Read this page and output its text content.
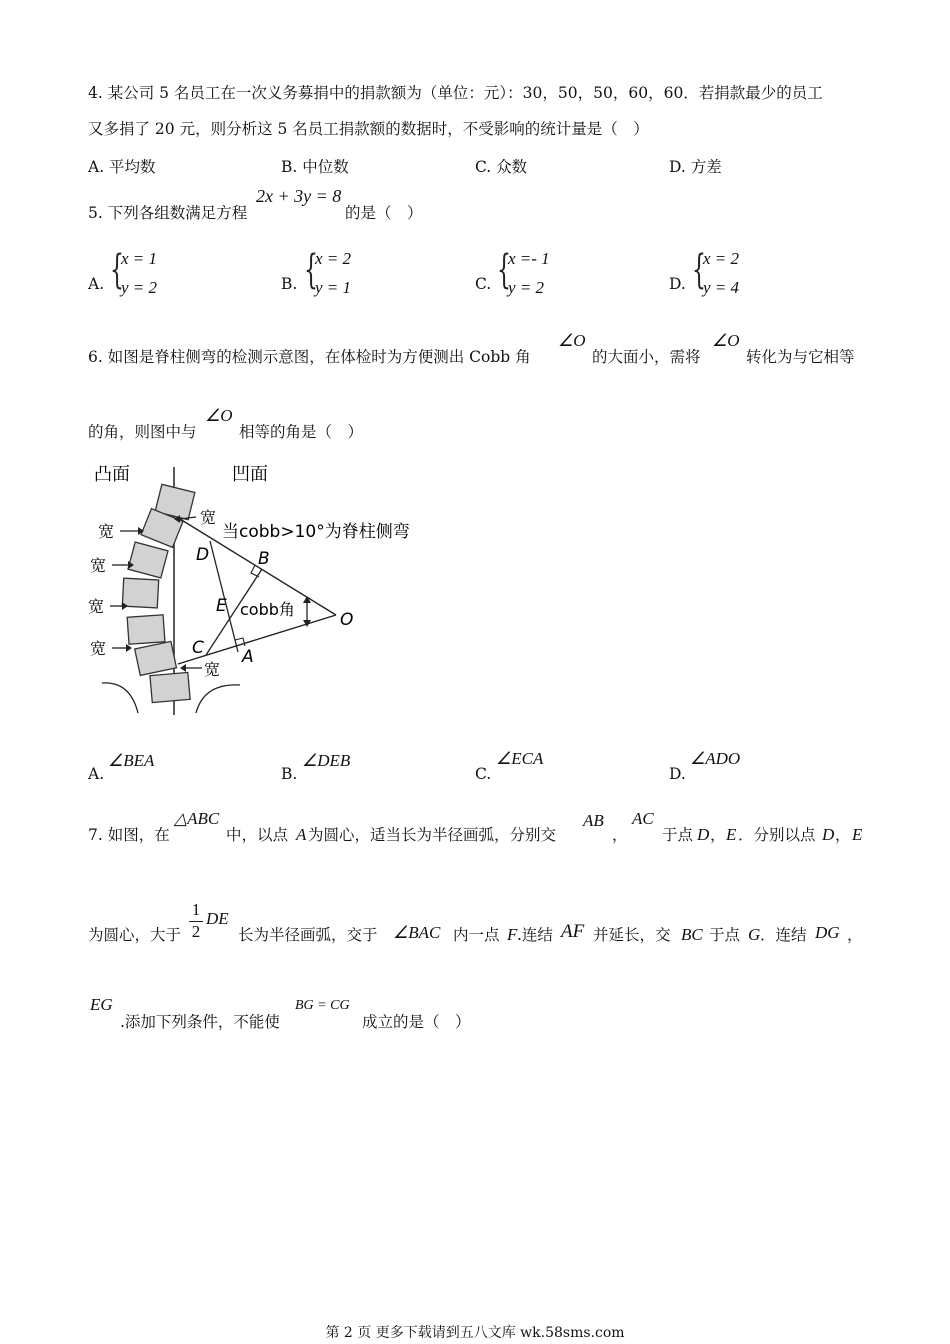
4. 某公司 5 名员工在一次义务募捐中的捐款额为（单位：元）：30，50，50，60，60．若捐款最少的员工
又多捐了 20 元，则分析这 5 名员工捐款额的数据时，不受影响的统计量是（　）
A. 平均数	B. 中位数	C. 众数	D. 方差
5. 下列各组数满足方程
2x + 3y = 8
的是（　）
A. {
x = 1
y = 2	B. {
x = 2
y = 1	C. {
x =- 1
y = 2	D. {
x = 2
y = 4
6. 如图是脊柱侧弯的检测示意图，在体检时为方便测出 Cobb 角
∠O
的大面小，需将
∠O
转化为与它相等
的角，则图中与
∠O
相等的角是（　）
凸面	凹面
宽
宽
宽
宽
宽
宽
当cobb>10°为脊柱侧弯
cobb角
D	B
E
C A
O
A.
∠BEA
B.
∠DEB
C.
∠ECA
D.
∠ADO
7. 如图，在
△ABC
中，以点 A 为圆心，适当长为半径画弧，分别交
AB
，
AC
于点 D ， E ．分别以点 D ， E
为圆心，大于
1
2
DE
长为半径画弧，交于 ∠BAC 内一点 F .连结 AF 并延长，交 BC 于点 G ．连结 DG ，
EG
.添加下列条件，不能使
BG = CG
成立的是（　）
第 2 页 更多下载请到五八文库 wk.58sms.com
